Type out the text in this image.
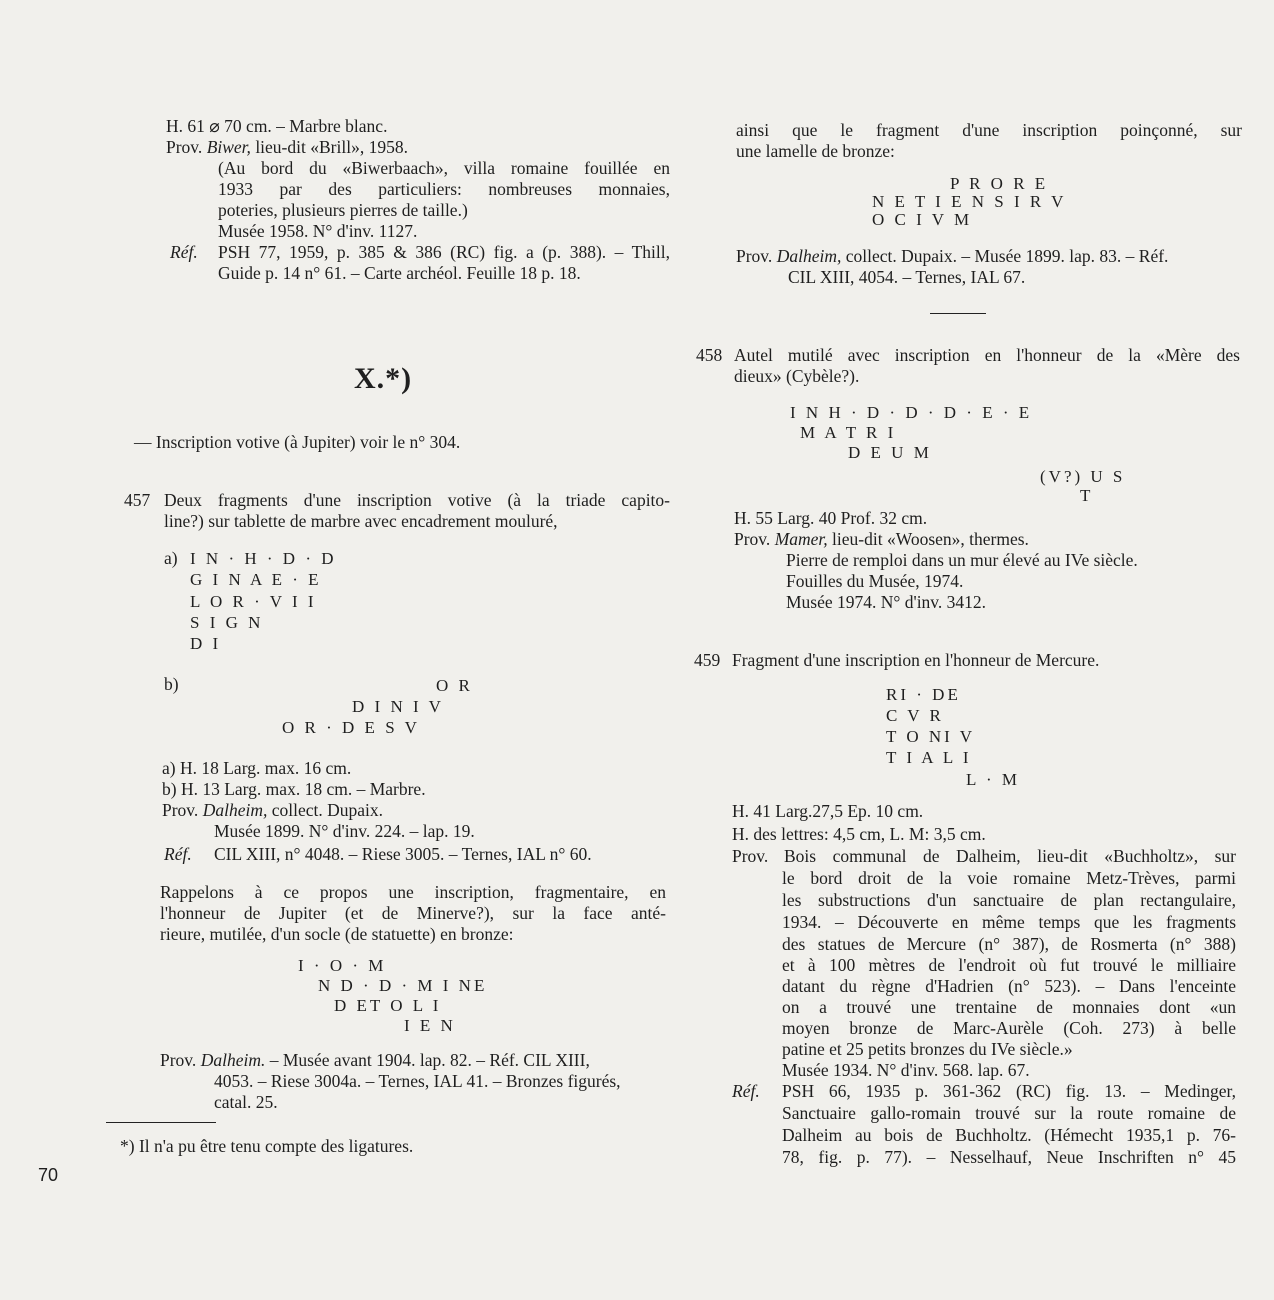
H. 61 ⌀ 70 cm. – Marbre blanc.
Prov. Biwer, lieu-dit «Brill», 1958.
(Au bord du «Biwerbaach», villa romaine fouillée en
1933 par des particuliers: nombreuses monnaies,
poteries, plusieurs pierres de taille.)
Musée 1958. N° d'inv. 1127.
Réf. PSH 77, 1959, p. 385 & 386 (RC) fig. a (p. 388). – Thill,
Guide p. 14 n° 61. – Carte archéol. Feuille 18 p. 18.
X.*)
— Inscription votive (à Jupiter) voir le n° 304.
457 Deux fragments d'une inscription votive (à la triade capito-
line?) sur tablette de marbre avec encadrement mouluré,
a) I N · H · D · D
G I N A E · E
L O R · V I I
S I G N
D I
b)	O R
D I N I V
O R · D E S V
a) H. 18 Larg. max. 16 cm.
b) H. 13 Larg. max. 18 cm. – Marbre.
Prov. Dalheim, collect. Dupaix.
Musée 1899. N° d'inv. 224. – lap. 19.
Réf. CIL XIII, n° 4048. – Riese 3005. – Ternes, IAL n° 60.
Rappelons à ce propos une inscription, fragmentaire, en
l'honneur de Jupiter (et de Minerve?), sur la face anté-
rieure, mutilée, d'un socle (de statuette) en bronze:
I · O · M
N D · D · M I NE
D ET O L I
I E N
Prov. Dalheim. – Musée avant 1904. lap. 82. – Réf. CIL XIII,
4053. – Riese 3004a. – Ternes, IAL 41. – Bronzes figurés,
catal. 25.
*) Il n'a pu être tenu compte des ligatures.
70
ainsi que le fragment d'une inscription poinçonné, sur
une lamelle de bronze:
P R O R E
N E T I E N S I R V
O C I V M
Prov. Dalheim, collect. Dupaix. – Musée 1899. lap. 83. – Réf.
CIL XIII, 4054. – Ternes, IAL 67.
458 Autel mutilé avec inscription en l'honneur de la «Mère des
dieux» (Cybèle?).
I N H · D · D · D · E · E
M A T R I
D E U M
(V?) U S
T
H. 55 Larg. 40 Prof. 32 cm.
Prov. Mamer, lieu-dit «Woosen», thermes.
Pierre de remploi dans un mur élevé au IVe siècle.
Fouilles du Musée, 1974.
Musée 1974. N° d'inv. 3412.
459 Fragment d'une inscription en l'honneur de Mercure.
RI · DE
C V R
T O NI V
T I A L I
L · M
H. 41 Larg.27,5 Ep. 10 cm.
H. des lettres: 4,5 cm, L. M: 3,5 cm.
Prov. Bois communal de Dalheim, lieu-dit «Buchholtz», sur
le bord droit de la voie romaine Metz-Trèves, parmi
les substructions d'un sanctuaire de plan rectangulaire,
1934. – Découverte en même temps que les fragments
des statues de Mercure (n° 387), de Rosmerta (n° 388)
et à 100 mètres de l'endroit où fut trouvé le milliaire
datant du règne d'Hadrien (n° 523). – Dans l'enceinte
on a trouvé une trentaine de monnaies dont «un
moyen bronze de Marc-Aurèle (Coh. 273) à belle
patine et 25 petits bronzes du IVe siècle.»
Musée 1934. N° d'inv. 568. lap. 67.
Réf. PSH 66, 1935 p. 361-362 (RC) fig. 13. – Medinger,
Sanctuaire gallo-romain trouvé sur la route romaine de
Dalheim au bois de Buchholtz. (Hémecht 1935,1 p. 76-
78, fig. p. 77). – Nesselhauf, Neue Inschriften n° 45
